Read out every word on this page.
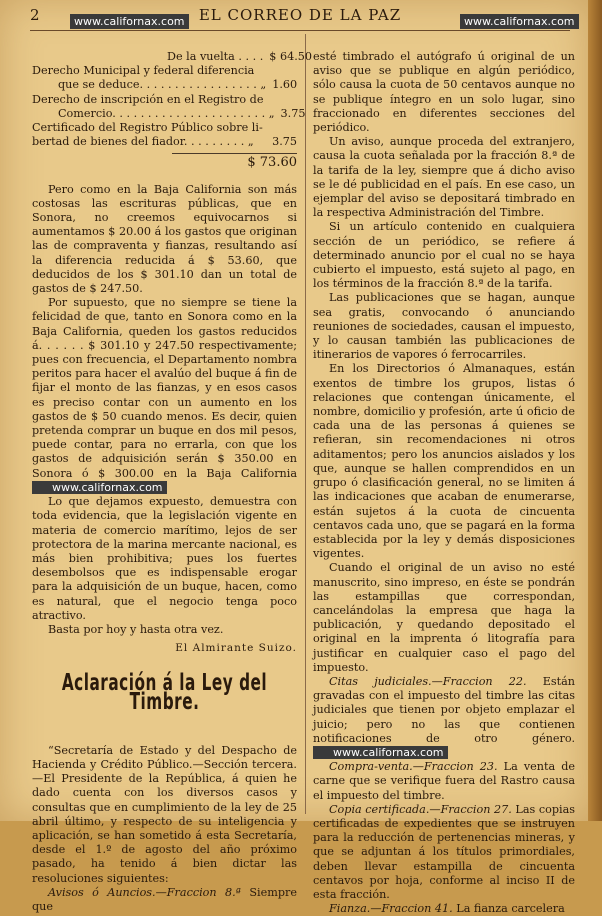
2	EL CORREO DE LA PAZ
www.californax.com	www.californax.com
De la vuelta . . . . $ 64.50
Derecho Municipal y federal diferencia
que se deduce. . . . . . . . . . . . . . . . . „ 1.60
Derecho de inscripción en el Registro de
Comercio. . . . . . . . . . . . . . . . . . . . . . „ 3.75
Certificado del Registro Público sobre li-
bertad de bienes del fiador. . . . . . . . . „ 3.75
$ 73.60

Pero como en la Baja California son más costosas las escrituras públicas, que en Sonora, no creemos equivocarnos si aumentamos $ 20.00 á los gastos que originan las de compraventa y fianzas, resultando así la diferencia reducida á $ 53.60, que deducidos de los $ 301.10 dan un total de gastos de $ 247.50.

Por supuesto, que no siempre se tiene la felicidad de que, tanto en Sonora como en la Baja California, queden los gastos reducidos á. . . . . . $ 301.10 y 247.50 respectivamente; pues con frecuencia, el Departamento nombra peritos para hacer el avalúo del buque á fin de fijar el monto de las fianzas, y en esos casos es preciso contar con un aumento en los gastos de $ 50 cuando menos. Es decir, quien pretenda comprar un buque en dos mil pesos, puede contar, para no errarla, con que los gastos de adquisición serán $ 350.00 en Sonora ó $ 300.00 en la Baja California www.californax.com

Lo que dejamos expuesto, demuestra con toda evidencia, que la legislación vigente en materia de comercio marítimo, lejos de ser protectora de la marina mercante nacional, es más bien prohibitiva; pues los fuertes desembolsos que es indispensable erogar para la adquisición de un buque, hacen, como es natural, que el negocio tenga poco atractivo.

Basta por hoy y hasta otra vez.

El Almirante Suizo.
Aclaración á la Ley del Timbre.

“Secretaría de Estado y del Despacho de Hacienda y Crédito Público.—Sección tercera. —El Presidente de la República, á quien he dado cuenta con los diversos casos y consultas que en cumplimiento de la ley de 25 abril último, y respecto de su inteligencia y aplicación, se han sometido á esta Secretaría, desde el 1.º de agosto del año próximo pasado, ha tenido á bien dictar las resoluciones siguientes:

Avisos ó Auncios.—Fraccion 8.ª Siempre que

esté timbrado el autógrafo ú original de un aviso que se publique en algún periódico, sólo causa la cuota de 50 centavos aunque no se publique íntegro en un solo lugar, sino fraccionado en diferentes secciones del periódico.

Un aviso, aunque proceda del extranjero, causa la cuota señalada por la fracción 8.ª de la tarifa de la ley, siempre que á dicho aviso se le dé publicidad en el país. En ese caso, un ejemplar del aviso se depositará timbrado en la respectiva Administración del Timbre.

Si un artículo contenido en cualquiera sección de un periódico, se refiere á determinado anuncio por el cual no se haya cubierto el impuesto, está sujeto al pago, en los términos de la fracción 8.ª de la tarifa.

Las publicaciones que se hagan, aunque sea gratis, convocando ó anunciando reuniones de sociedades, causan el impuesto, y lo causan también las publicaciones de itinerarios de vapores ó ferrocarriles.

En los Directorios ó Almanaques, están exentos de timbre los grupos, listas ó relaciones que contengan únicamente, el nombre, domicilio y profesión, arte ú oficio de cada una de las personas á quienes se refieran, sin recomendaciones ni otros aditamentos; pero los anuncios aislados y los que, aunque se hallen comprendidos en un grupo ó clasificación general, no se limiten á las indicaciones que acaban de enumerarse, están sujetos á la cuota de cincuenta centavos cada uno, que se pagará en la forma establecida por la ley y demás disposiciones vigentes.

Cuando el original de un aviso no esté manuscrito, sino impreso, en éste se pondrán las estampillas que correspondan, cancelándolas la empresa que haga la publicación, y quedando depositado el original en la imprenta ó litografía para justificar en cualquier caso el pago del impuesto.

Citas judiciales.—Fraccion 22. Están gravadas con el impuesto del timbre las citas judiciales que tienen por objeto emplazar el juicio; pero no las que contienen notificaciones de otro género. www.californax.com

Compra-venta.—Fraccion 23. La venta de carne que se verifique fuera del Rastro causa el impuesto del timbre.

Copia certificada.—Fraccion 27. Las copias certificadas de expedientes que se instruyen para la reducción de pertenencias mineras, y que se adjuntan á los títulos primordiales, deben llevar estampilla de cincuenta centavos por hoja, conforme al inciso II de esta fracción.

Fianza.—Fraccion 41. La fianza carcelera
